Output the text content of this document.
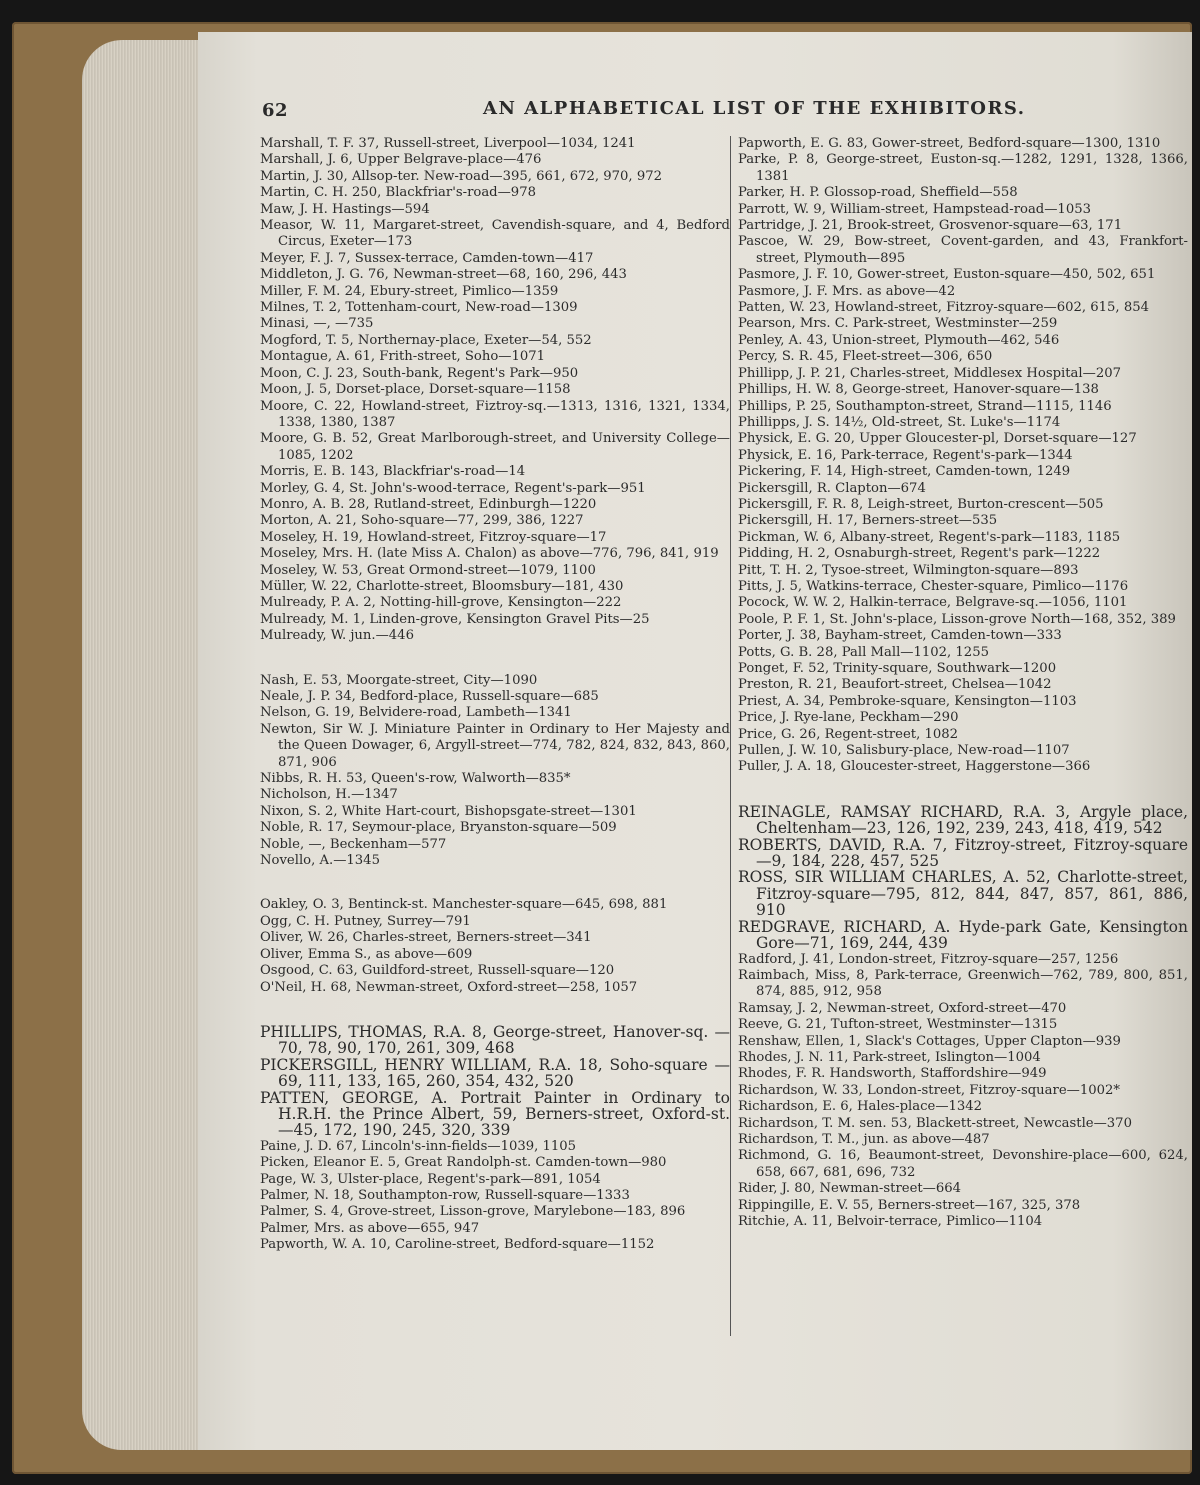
62	AN ALPHABETICAL LIST OF THE EXHIBITORS.

Marshall, T. F. 37, Russell-street, Liverpool—1034, 1241

Marshall, J. 6, Upper Belgrave-place—476

Martin, J. 30, Allsop-ter. New-road—395, 661, 672, 970, 972

Martin, C. H. 250, Blackfriar's-road—978

Maw, J. H. Hastings—594

Measor, W. 11, Margaret-street, Cavendish-square, and 4, Bedford Circus, Exeter—173

Meyer, F. J. 7, Sussex-terrace, Camden-town—417

Middleton, J. G. 76, Newman-street—68, 160, 296, 443

Miller, F. M. 24, Ebury-street, Pimlico—1359

Milnes, T. 2, Tottenham-court, New-road—1309

Minasi, —, —735

Mogford, T. 5, Northernay-place, Exeter—54, 552

Montague, A. 61, Frith-street, Soho—1071

Moon, C. J. 23, South-bank, Regent's Park—950

Moon, J. 5, Dorset-place, Dorset-square—1158

Moore, C. 22, Howland-street, Fiztroy-sq.—1313, 1316, 1321, 1334, 1338, 1380, 1387

Moore, G. B. 52, Great Marlborough-street, and University College—1085, 1202

Morris, E. B. 143, Blackfriar's-road—14

Morley, G. 4, St. John's-wood-terrace, Regent's-park—951

Monro, A. B. 28, Rutland-street, Edinburgh—1220

Morton, A. 21, Soho-square—77, 299, 386, 1227

Moseley, H. 19, Howland-street, Fitzroy-square—17

Moseley, Mrs. H. (late Miss A. Chalon) as above—776, 796, 841, 919

Moseley, W. 53, Great Ormond-street—1079, 1100

Müller, W. 22, Charlotte-street, Bloomsbury—181, 430

Mulready, P. A. 2, Notting-hill-grove, Kensington—222

Mulready, M. 1, Linden-grove, Kensington Gravel Pits—25

Mulready, W. jun.—446

Nash, E. 53, Moorgate-street, City—1090

Neale, J. P. 34, Bedford-place, Russell-square—685

Nelson, G. 19, Belvidere-road, Lambeth—1341

Newton, Sir W. J. Miniature Painter in Ordinary to Her Majesty and the Queen Dowager, 6, Argyll-street—774, 782, 824, 832, 843, 860, 871, 906

Nibbs, R. H. 53, Queen's-row, Walworth—835*

Nicholson, H.—1347

Nixon, S. 2, White Hart-court, Bishopsgate-street—1301

Noble, R. 17, Seymour-place, Bryanston-square—509

Noble, —, Beckenham—577

Novello, A.—1345

Oakley, O. 3, Bentinck-st. Manchester-square—645, 698, 881

Ogg, C. H. Putney, Surrey—791

Oliver, W. 26, Charles-street, Berners-street—341

Oliver, Emma S., as above—609

Osgood, C. 63, Guildford-street, Russell-square—120

O'Neil, H. 68, Newman-street, Oxford-street—258, 1057

PHILLIPS, THOMAS, R.A. 8, George-street, Hanover-sq. —70, 78, 90, 170, 261, 309, 468

PICKERSGILL, HENRY WILLIAM, R.A. 18, Soho-square —69, 111, 133, 165, 260, 354, 432, 520

PATTEN, GEORGE, A. Portrait Painter in Ordinary to H.R.H. the Prince Albert, 59, Berners-street, Oxford-st. —45, 172, 190, 245, 320, 339

Paine, J. D. 67, Lincoln's-inn-fields—1039, 1105

Picken, Eleanor E. 5, Great Randolph-st. Camden-town—980

Page, W. 3, Ulster-place, Regent's-park—891, 1054

Palmer, N. 18, Southampton-row, Russell-square—1333

Palmer, S. 4, Grove-street, Lisson-grove, Marylebone—183, 896

Palmer, Mrs. as above—655, 947

Papworth, W. A. 10, Caroline-street, Bedford-square—1152

Papworth, E. G. 83, Gower-street, Bedford-square—1300, 1310

Parke, P. 8, George-street, Euston-sq.—1282, 1291, 1328, 1366, 1381

Parker, H. P. Glossop-road, Sheffield—558

Parrott, W. 9, William-street, Hampstead-road—1053

Partridge, J. 21, Brook-street, Grosvenor-square—63, 171

Pascoe, W. 29, Bow-street, Covent-garden, and 43, Frankfort-street, Plymouth—895

Pasmore, J. F. 10, Gower-street, Euston-square—450, 502, 651

Pasmore, J. F. Mrs. as above—42

Patten, W. 23, Howland-street, Fitzroy-square—602, 615, 854

Pearson, Mrs. C. Park-street, Westminster—259

Penley, A. 43, Union-street, Plymouth—462, 546

Percy, S. R. 45, Fleet-street—306, 650

Phillipp, J. P. 21, Charles-street, Middlesex Hospital—207

Phillips, H. W. 8, George-street, Hanover-square—138

Phillips, P. 25, Southampton-street, Strand—1115, 1146

Phillipps, J. S. 14½, Old-street, St. Luke's—1174

Physick, E. G. 20, Upper Gloucester-pl, Dorset-square—127

Physick, E. 16, Park-terrace, Regent's-park—1344

Pickering, F. 14, High-street, Camden-town, 1249

Pickersgill, R. Clapton—674

Pickersgill, F. R. 8, Leigh-street, Burton-crescent—505

Pickersgill, H. 17, Berners-street—535

Pickman, W. 6, Albany-street, Regent's-park—1183, 1185

Pidding, H. 2, Osnaburgh-street, Regent's park—1222

Pitt, T. H. 2, Tysoe-street, Wilmington-square—893

Pitts, J. 5, Watkins-terrace, Chester-square, Pimlico—1176

Pocock, W. W. 2, Halkin-terrace, Belgrave-sq.—1056, 1101

Poole, P. F. 1, St. John's-place, Lisson-grove North—168, 352, 389

Porter, J. 38, Bayham-street, Camden-town—333

Potts, G. B. 28, Pall Mall—1102, 1255

Ponget, F. 52, Trinity-square, Southwark—1200

Preston, R. 21, Beaufort-street, Chelsea—1042

Priest, A. 34, Pembroke-square, Kensington—1103

Price, J. Rye-lane, Peckham—290

Price, G. 26, Regent-street, 1082

Pullen, J. W. 10, Salisbury-place, New-road—1107

Puller, J. A. 18, Gloucester-street, Haggerstone—366

REINAGLE, RAMSAY RICHARD, R.A. 3, Argyle place, Cheltenham—23, 126, 192, 239, 243, 418, 419, 542

ROBERTS, DAVID, R.A. 7, Fitzroy-street, Fitzroy-square—9, 184, 228, 457, 525

ROSS, SIR WILLIAM CHARLES, A. 52, Charlotte-street, Fitzroy-square—795, 812, 844, 847, 857, 861, 886, 910

REDGRAVE, RICHARD, A. Hyde-park Gate, Kensington Gore—71, 169, 244, 439

Radford, J. 41, London-street, Fitzroy-square—257, 1256

Raimbach, Miss, 8, Park-terrace, Greenwich—762, 789, 800, 851, 874, 885, 912, 958

Ramsay, J. 2, Newman-street, Oxford-street—470

Reeve, G. 21, Tufton-street, Westminster—1315

Renshaw, Ellen, 1, Slack's Cottages, Upper Clapton—939

Rhodes, J. N. 11, Park-street, Islington—1004

Rhodes, F. R. Handsworth, Staffordshire—949

Richardson, W. 33, London-street, Fitzroy-square—1002*

Richardson, E. 6, Hales-place—1342

Richardson, T. M. sen. 53, Blackett-street, Newcastle—370

Richardson, T. M., jun. as above—487

Richmond, G. 16, Beaumont-street, Devonshire-place—600, 624, 658, 667, 681, 696, 732

Rider, J. 80, Newman-street—664

Rippingille, E. V. 55, Berners-street—167, 325, 378

Ritchie, A. 11, Belvoir-terrace, Pimlico—1104
